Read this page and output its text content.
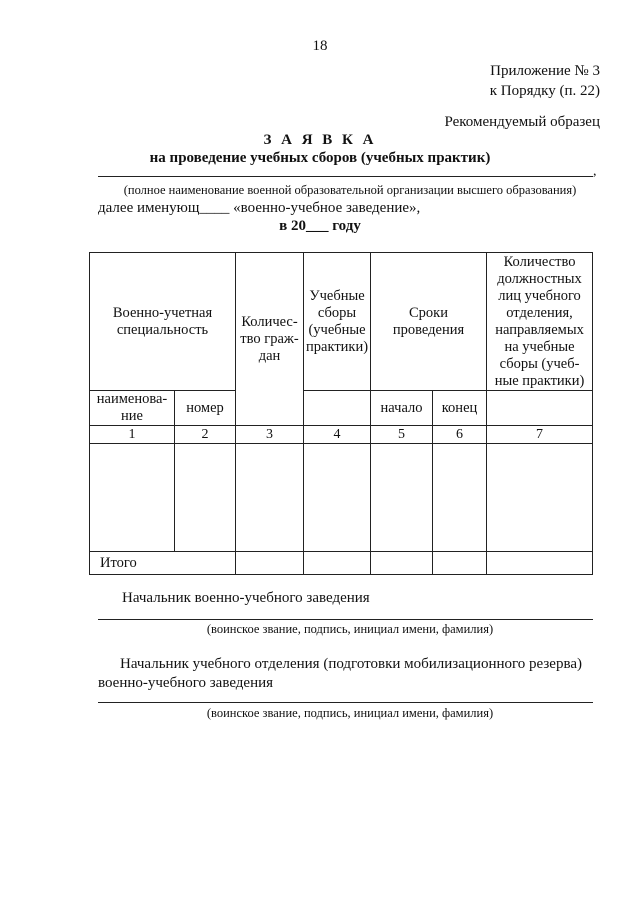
18
Приложение № 3
к Порядку (п. 22)
Рекомендуемый образец
З А Я В К А
на проведение учебных сборов (учебных практик)
,
(полное наименование военной образовательной организации высшего образования)
далее именующ____ «военно-учебное заведение»,
в 20___ году
Военно-учетная специальность		Количес-тво граж-дан	Учебные сборы (учебные практики)	Сроки проведения		Количество должностных лиц учебного отделения, направляемых на учебные сборы (учеб-ные практики)
наименова-ние	номер			начало	конец	
1	2	3	4	5	6	7

Итого						
Начальник военно-учебного заведения
(воинское звание, подпись, инициал имени, фамилия)
Начальник учебного отделения (подготовки мобилизационного резерва)
военно-учебного заведения
(воинское звание, подпись, инициал имени, фамилия)
